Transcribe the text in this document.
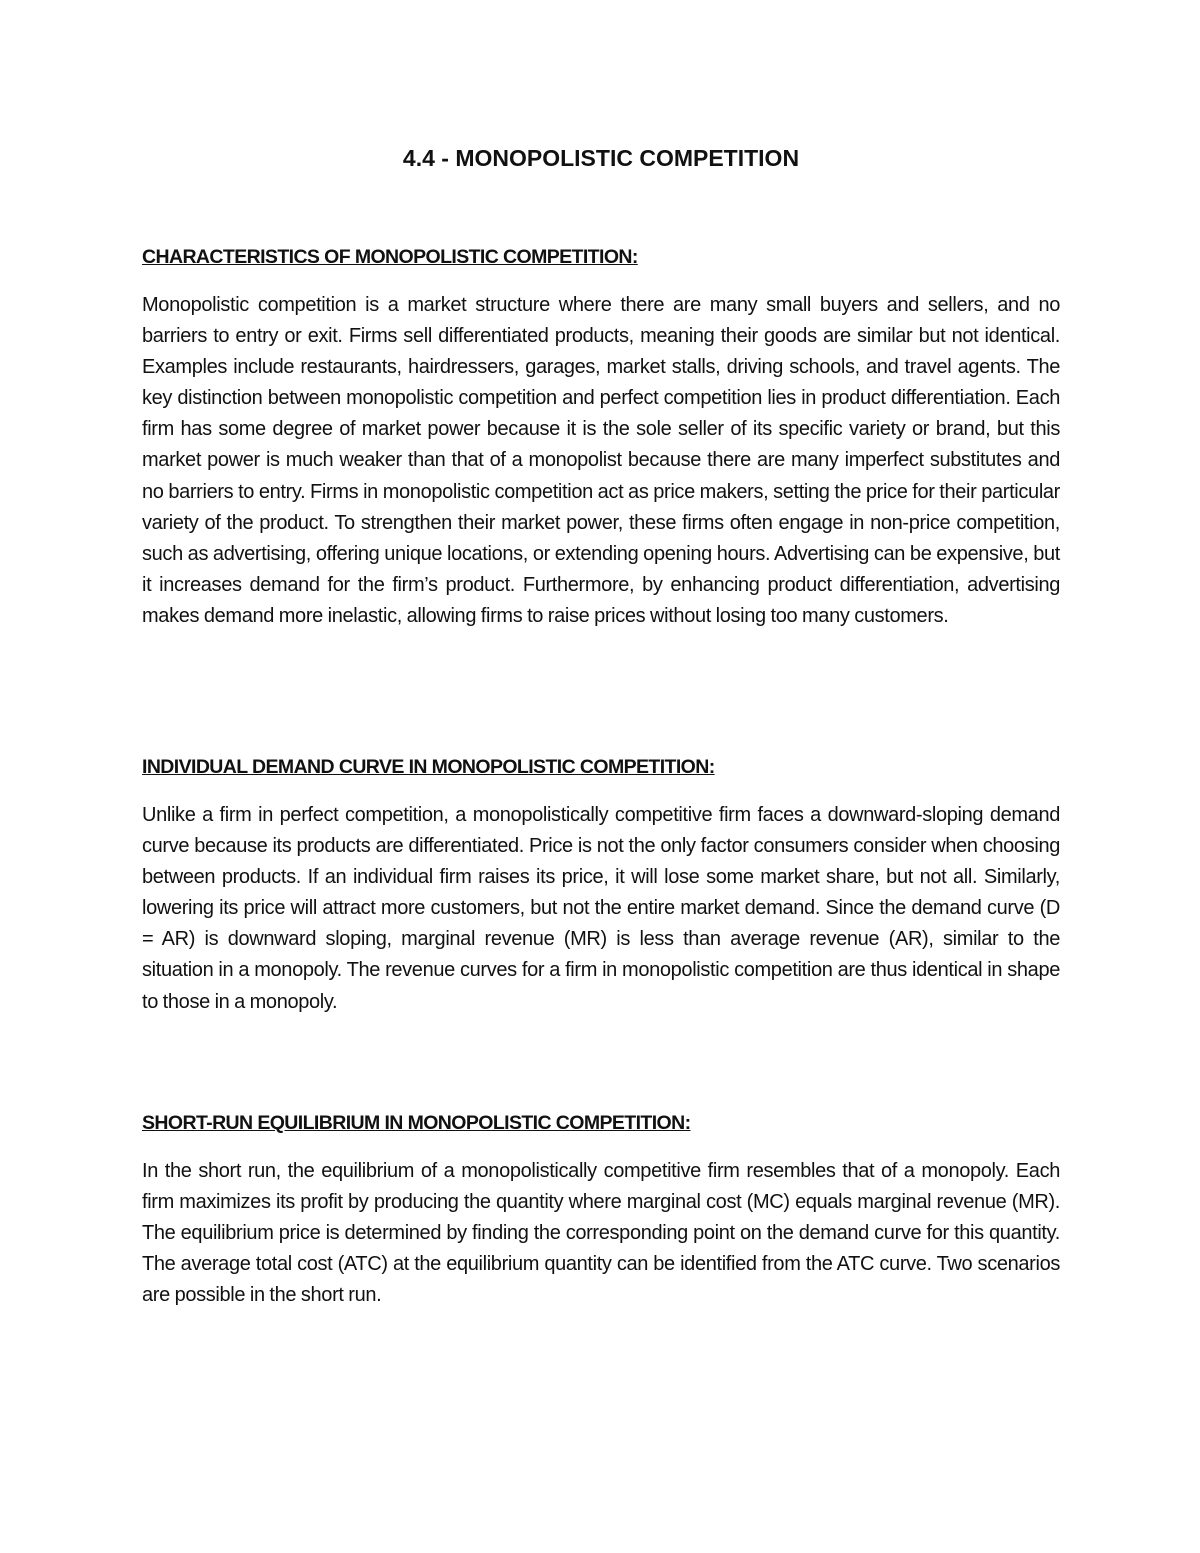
4.4 - MONOPOLISTIC COMPETITION
CHARACTERISTICS OF MONOPOLISTIC COMPETITION:

Monopolistic competition is a market structure where there are many small buyers and sellers, and no barriers to entry or exit. Firms sell differentiated products, meaning their goods are similar but not identical. Examples include restaurants, hairdressers, garages, market stalls, driving schools, and travel agents. The key distinction between monopolistic competition and perfect competition lies in product differentiation. Each firm has some degree of market power because it is the sole seller of its specific variety or brand, but this market power is much weaker than that of a monopolist because there are many imperfect substitutes and no barriers to entry. Firms in monopolistic competition act as price makers, setting the price for their particular variety of the product. To strengthen their market power, these firms often engage in non-price competition, such as advertising, offering unique locations, or extending opening hours. Advertising can be expensive, but it increases demand for the firm’s product. Furthermore, by enhancing product differentiation, advertising makes demand more inelastic, allowing firms to raise prices without losing too many customers.

INDIVIDUAL DEMAND CURVE IN MONOPOLISTIC COMPETITION:

Unlike a firm in perfect competition, a monopolistically competitive firm faces a downward-sloping demand curve because its products are differentiated. Price is not the only factor consumers consider when choosing between products. If an individual firm raises its price, it will lose some market share, but not all. Similarly, lowering its price will attract more customers, but not the entire market demand. Since the demand curve (D = AR) is downward sloping, marginal revenue (MR) is less than average revenue (AR), similar to the situation in a monopoly. The revenue curves for a firm in monopolistic competition are thus identical in shape to those in a monopoly.

SHORT-RUN EQUILIBRIUM IN MONOPOLISTIC COMPETITION:

In the short run, the equilibrium of a monopolistically competitive firm resembles that of a monopoly. Each firm maximizes its profit by producing the quantity where marginal cost (MC) equals marginal revenue (MR). The equilibrium price is determined by finding the corresponding point on the demand curve for this quantity. The average total cost (ATC) at the equilibrium quantity can be identified from the ATC curve. Two scenarios are possible in the short run.
